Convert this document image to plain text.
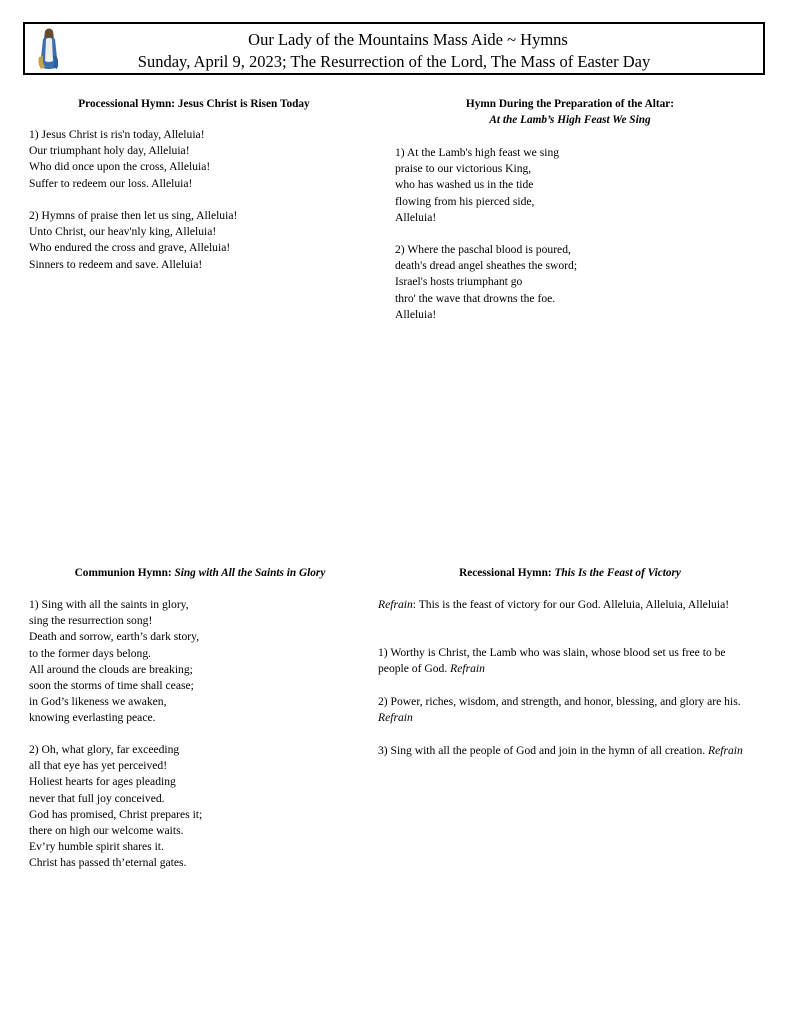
Our Lady of the Mountains Mass Aide ~ Hymns
Sunday, April 9, 2023; The Resurrection of the Lord, The Mass of Easter Day
Processional Hymn: Jesus Christ is Risen Today
1) Jesus Christ is ris'n today, Alleluia!
Our triumphant holy day, Alleluia!
Who did once upon the cross, Alleluia!
Suffer to redeem our loss. Alleluia!
2) Hymns of praise then let us sing, Alleluia!
Unto Christ, our heav'nly king, Alleluia!
Who endured the cross and grave, Alleluia!
Sinners to redeem and save. Alleluia!
Hymn During the Preparation of the Altar:
At the Lamb’s High Feast We Sing
1) At the Lamb's high feast we sing
praise to our victorious King,
who has washed us in the tide
flowing from his pierced side,
Alleluia!
2) Where the paschal blood is poured,
death's dread angel sheathes the sword;
Israel's hosts triumphant go
thro' the wave that drowns the foe.
Alleluia!
Communion Hymn: Sing with All the Saints in Glory
1) Sing with all the saints in glory,
sing the resurrection song!
Death and sorrow, earth’s dark story,
to the former days belong.
All around the clouds are breaking;
soon the storms of time shall cease;
in God’s likeness we awaken,
knowing everlasting peace.
2) Oh, what glory, far exceeding
all that eye has yet perceived!
Holiest hearts for ages pleading
never that full joy conceived.
God has promised, Christ prepares it;
there on high our welcome waits.
Ev’ry humble spirit shares it.
Christ has passed th’eternal gates.
Recessional Hymn: This Is the Feast of Victory

Refrain: This is the feast of victory for our God. Alleluia, Alleluia, Alleluia!

1) Worthy is Christ, the Lamb who was slain, whose blood set us free to be people of God. Refrain

2) Power, riches, wisdom, and strength, and honor, blessing, and glory are his. Refrain

3) Sing with all the people of God and join in the hymn of all creation. Refrain
